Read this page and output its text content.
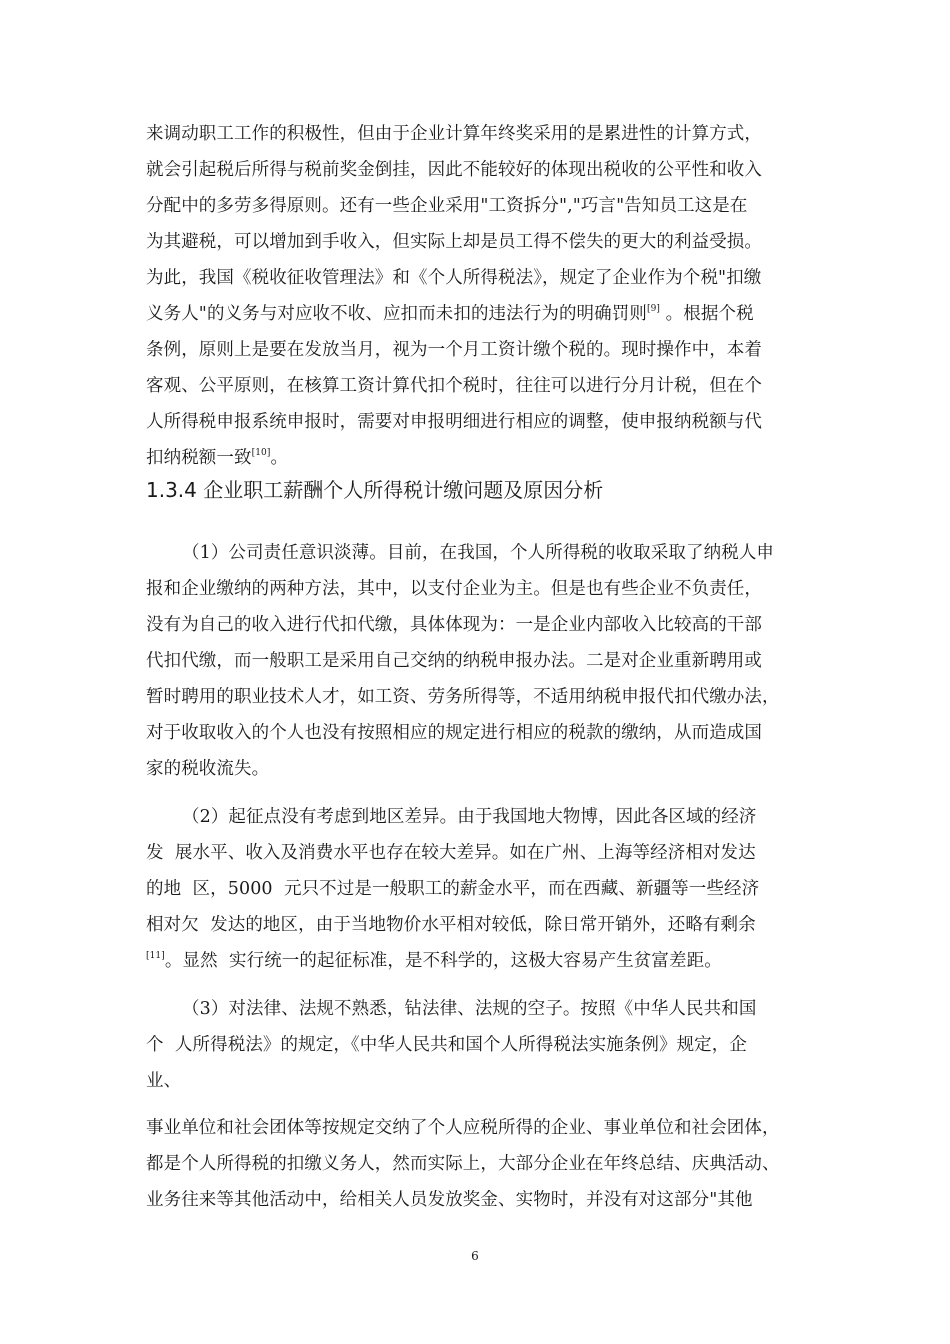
来调动职工工作的积极性，但由于企业计算年终奖采用的是累进性的计算方式，
就会引起税后所得与税前奖金倒挂，因此不能较好的体现出税收的公平性和收入
分配中的多劳多得原则。还有一些企业采用"工资拆分","巧言"告知员工这是在
为其避税，可以增加到手收入，但实际上却是员工得不偿失的更大的利益受损。
为此，我国《税收征收管理法》和《个人所得税法》，规定了企业作为个税"扣缴
义务人"的义务与对应收不收、应扣而未扣的违法行为的明确罚则[9] 。根据个税
条例，原则上是要在发放当月，视为一个月工资计缴个税的。现时操作中，本着
客观、公平原则，在核算工资计算代扣个税时，往往可以进行分月计税，但在个
人所得税申报系统申报时，需要对申报明细进行相应的调整，使申报纳税额与代
扣纳税额一致[10]。
1.3.4 企业职工薪酬个人所得税计缴问题及原因分析
（1）公司责任意识淡薄。目前，在我国，个人所得税的收取采取了纳税人申
报和企业缴纳的两种方法，其中，以支付企业为主。但是也有些企业不负责任，
没有为自己的收入进行代扣代缴，具体体现为：一是企业内部收入比较高的干部
代扣代缴，而一般职工是采用自己交纳的纳税申报办法。二是对企业重新聘用或
暂时聘用的职业技术人才，如工资、劳务所得等，不适用纳税申报代扣代缴办法，
对于收取收入的个人也没有按照相应的规定进行相应的税款的缴纳，从而造成国
家的税收流失。
（2）起征点没有考虑到地区差异。由于我国地大物博，因此各区域的经济
发  展水平、收入及消费水平也存在较大差异。如在广州、上海等经济相对发达
的地  区，5000  元只不过是一般职工的薪金水平，而在西藏、新疆等一些经济
相对欠  发达的地区，由于当地物价水平相对较低，除日常开销外，还略有剩余
[11]。显然  实行统一的起征标准，是不科学的，这极大容易产生贫富差距。
（3）对法律、法规不熟悉，钻法律、法规的空子。按照《中华人民共和国
个  人所得税法》的规定，《中华人民共和国个人所得税法实施条例》规定，企
业、
事业单位和社会团体等按规定交纳了个人应税所得的企业、事业单位和社会团体，
都是个人所得税的扣缴义务人，然而实际上，大部分企业在年终总结、庆典活动、
业务往来等其他活动中，给相关人员发放奖金、实物时，并没有对这部分"其他
6
